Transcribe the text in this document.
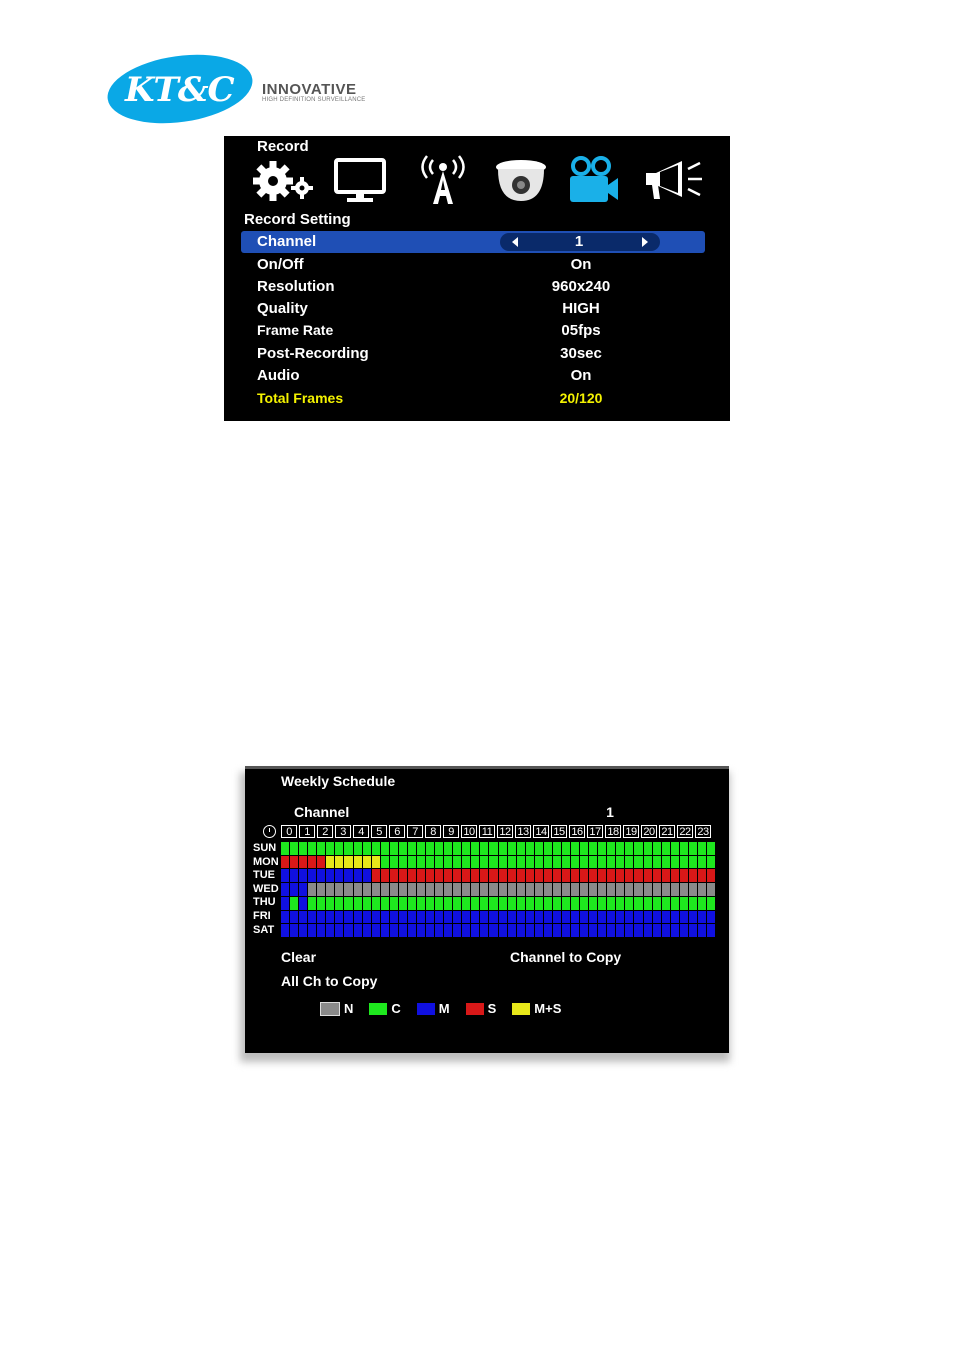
KT&C INNOVATIVE
HIGH DEFINITION SURVEILLANCE
Record
Record Setting
Channel	1
On/Off	On
Resolution	960x240
Quality	HIGH
Frame Rate	05fps
Post-Recording	30sec
Audio	On
Total Frames	20/120
Weekly Schedule
Channel	1
0	1	2	3	4	5	6	7	8	9 10 11 12 13 14 15 16 17 18 19 20 21 22 23
SUN
MON
TUE
WED
THU
FRI
SAT
Clear	Channel to Copy
All Ch to Copy
N	C	M	S	M+S
